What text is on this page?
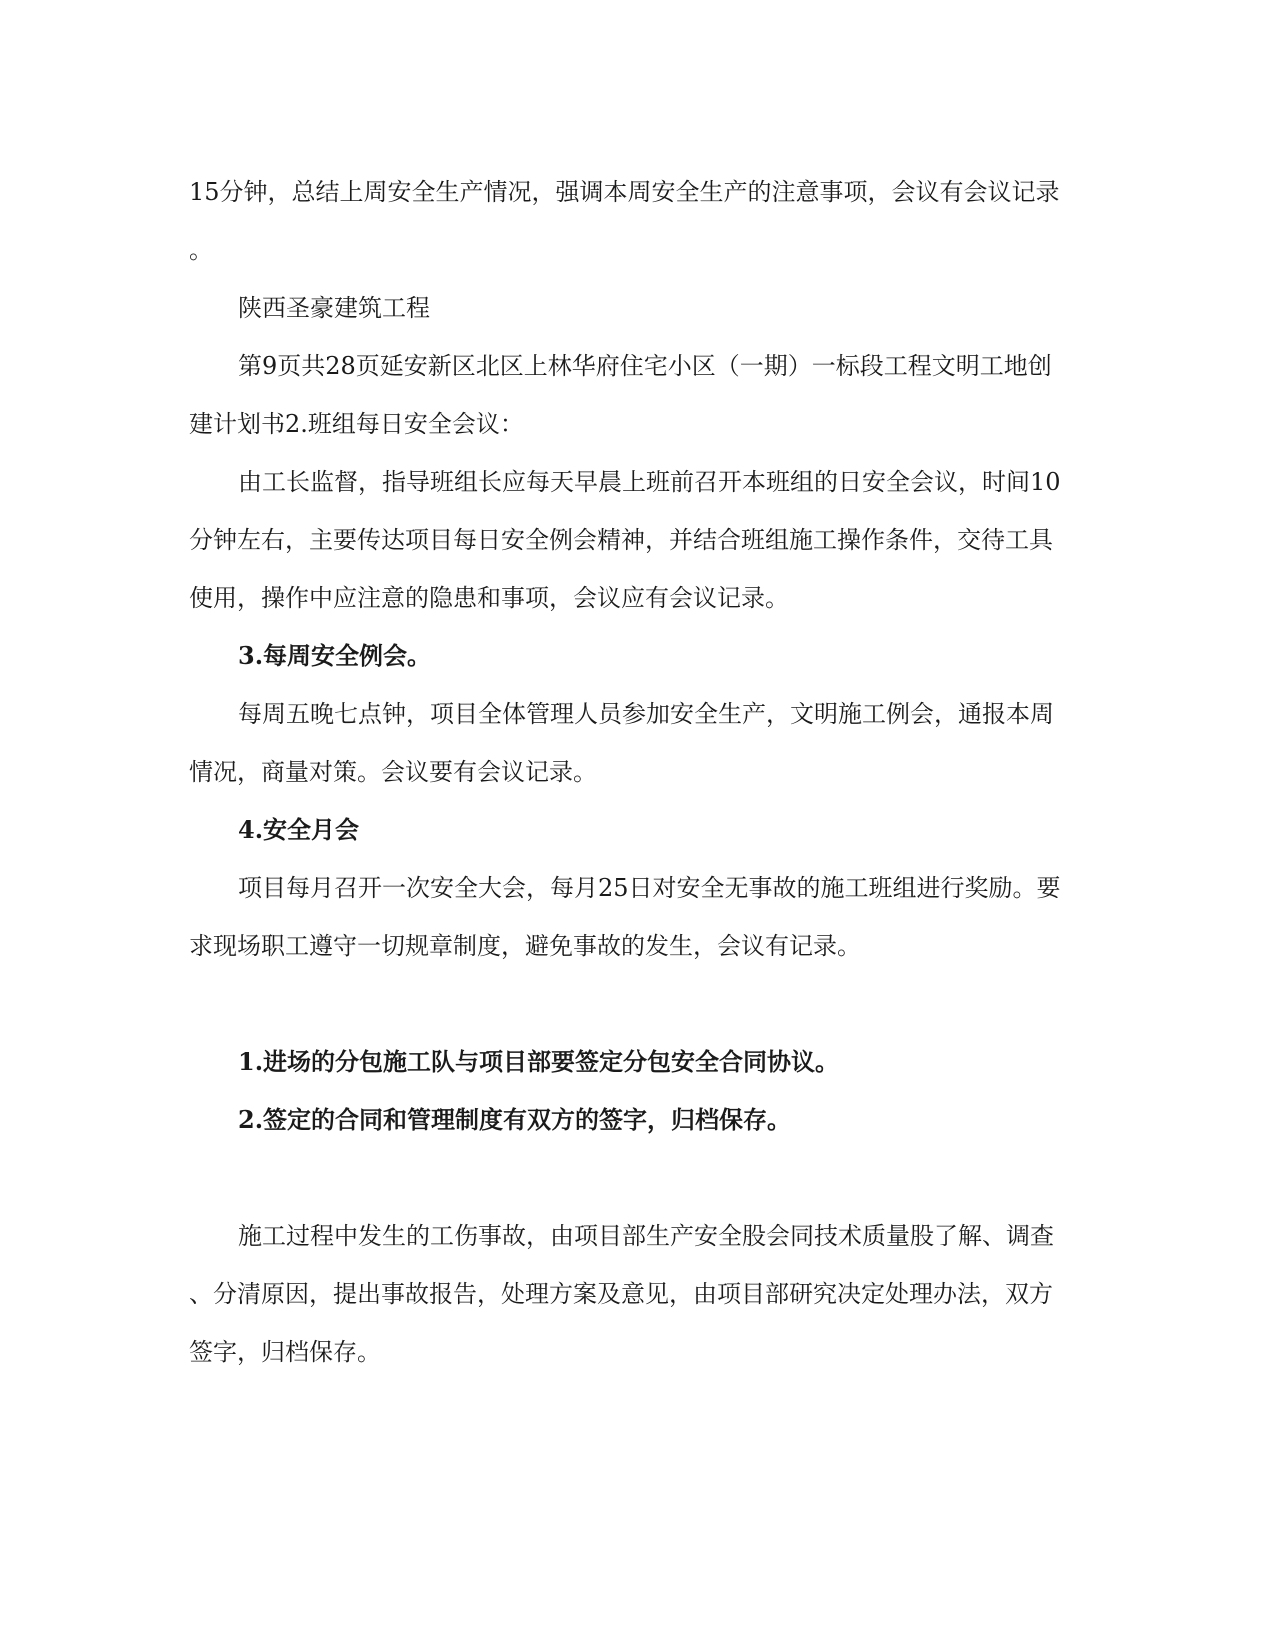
15分钟，总结上周安全生产情况，强调本周安全生产的注意事项，会议有会议记录

。

陕西圣豪建筑工程

第9页共28页延安新区北区上林华府住宅小区（一期）一标段工程文明工地创

建计划书2.班组每日安全会议：

由工长监督，指导班组长应每天早晨上班前召开本班组的日安全会议，时间10

分钟左右，主要传达项目每日安全例会精神，并结合班组施工操作条件，交待工具

使用，操作中应注意的隐患和事项，会议应有会议记录。

3.每周安全例会。

每周五晚七点钟，项目全体管理人员参加安全生产，文明施工例会，通报本周

情况，商量对策。会议要有会议记录。

4.安全月会

项目每月召开一次安全大会，每月25日对安全无事故的施工班组进行奖励。要

求现场职工遵守一切规章制度，避免事故的发生，会议有记录。

1.进场的分包施工队与项目部要签定分包安全合同协议。

2.签定的合同和管理制度有双方的签字，归档保存。

施工过程中发生的工伤事故，由项目部生产安全股会同技术质量股了解、调查

、分清原因，提出事故报告，处理方案及意见，由项目部研究决定处理办法，双方

签字，归档保存。
